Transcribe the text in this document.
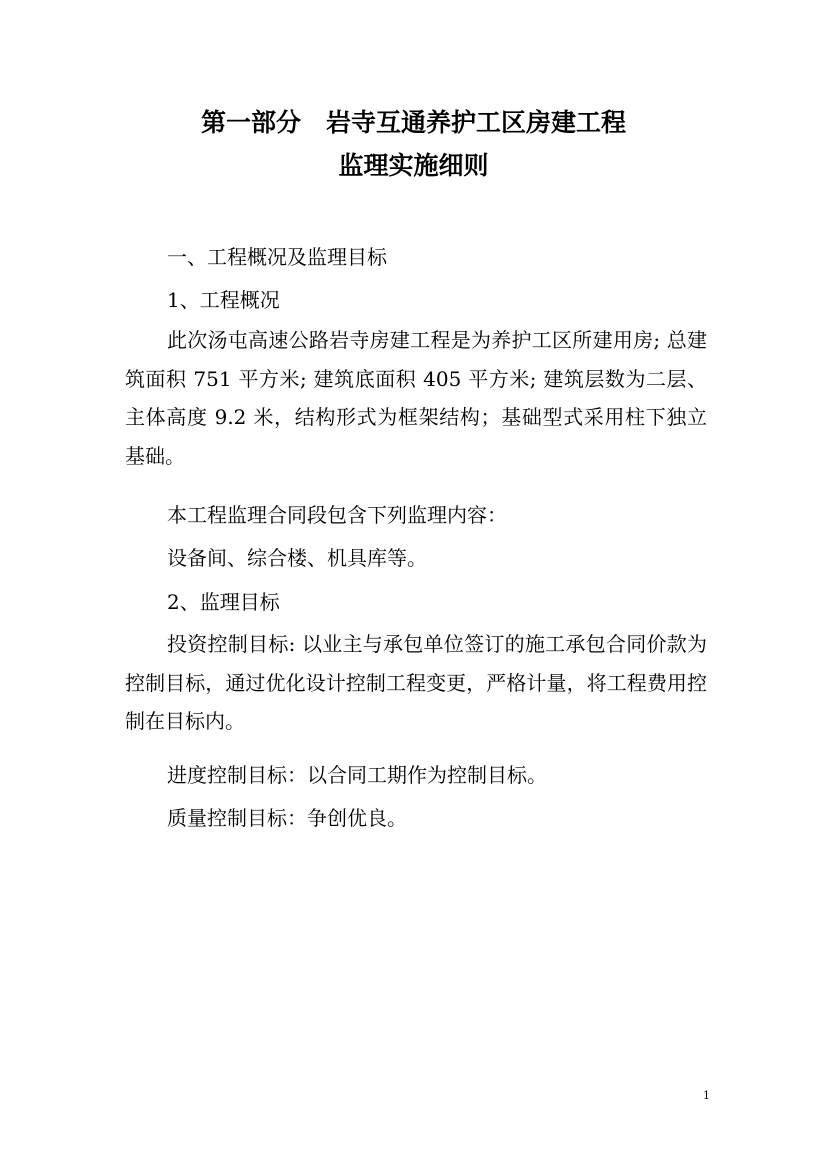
第一部分　岩寺互通养护工区房建工程
监理实施细则
一、工程概况及监理目标
1、工程概况
此次汤屯高速公路岩寺房建工程是为养护工区所建用房; 总建筑面积 751 平方米; 建筑底面积 405 平方米; 建筑层数为二层、主体高度 9.2 米，结构形式为框架结构；基础型式采用柱下独立基础。
本工程监理合同段包含下列监理内容：
设备间、综合楼、机具库等。
2、监理目标
投资控制目标: 以业主与承包单位签订的施工承包合同价款为控制目标，通过优化设计控制工程变更，严格计量，将工程费用控制在目标内。
进度控制目标：以合同工期作为控制目标。
质量控制目标：争创优良。
1
